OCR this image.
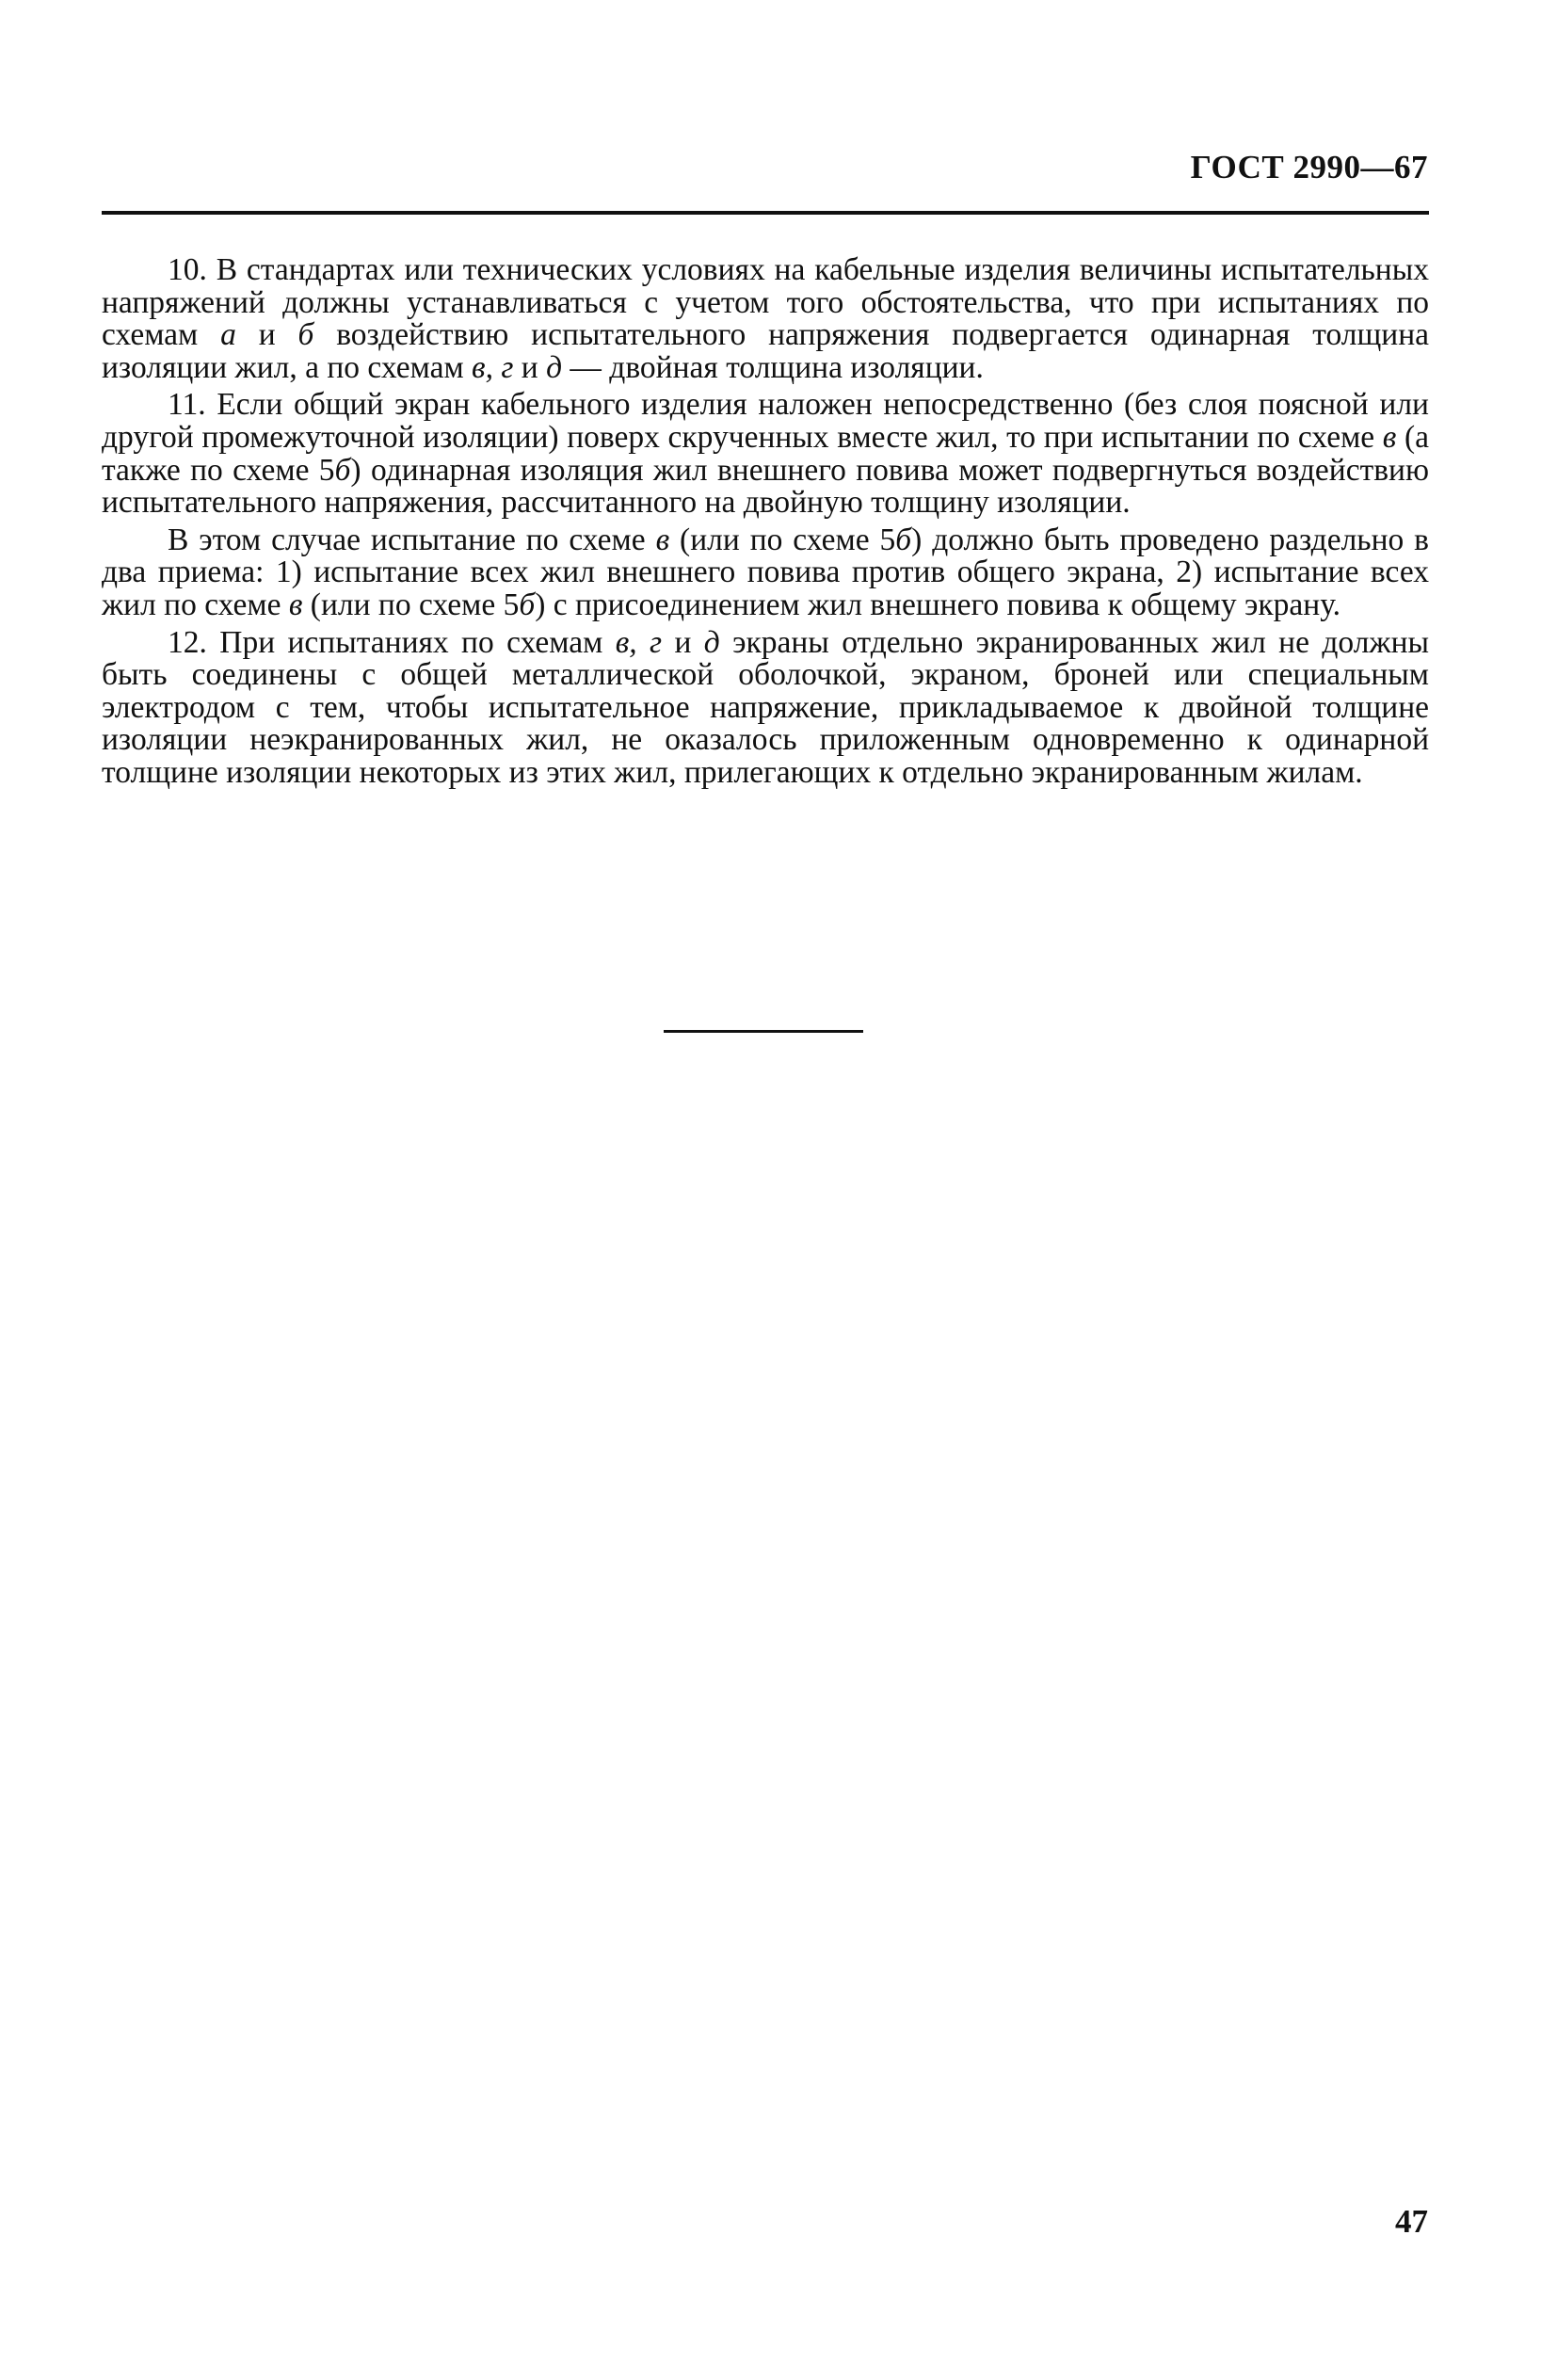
ГОСТ 2990—67

10. В стандартах или технических условиях на кабельные изделия величины испытательных напряжений должны устанавливаться с учетом того обстоятельства, что при испытаниях по схемам а и б воздействию испытательного напряжения подвергается одинарная толщина изоляции жил, а по схемам в, г и д — двойная толщина изоляции.

11. Если общий экран кабельного изделия наложен непосредственно (без слоя поясной или другой промежуточной изоляции) поверх скрученных вместе жил, то при испытании по схеме в (а также по схеме 5б) одинарная изоляция жил внешнего повива может подвергнуться воздействию испытательного напряжения, рассчитанного на двойную толщину изоляции.

В этом случае испытание по схеме в (или по схеме 5б) должно быть проведено раздельно в два приема: 1) испытание всех жил внешнего повива против общего экрана, 2) испытание всех жил по схеме в (или по схеме 5б) с присоединением жил внешнего повива к общему экрану.

12. При испытаниях по схемам в, г и д экраны отдельно экранированных жил не должны быть соединены с общей металлической оболочкой, экраном, броней или специальным электродом с тем, чтобы испытательное напряжение, прикладываемое к двойной толщине изоляции неэкранированных жил, не оказалось приложенным одновременно к одинарной толщине изоляции некоторых из этих жил, прилегающих к отдельно экранированным жилам.

47
